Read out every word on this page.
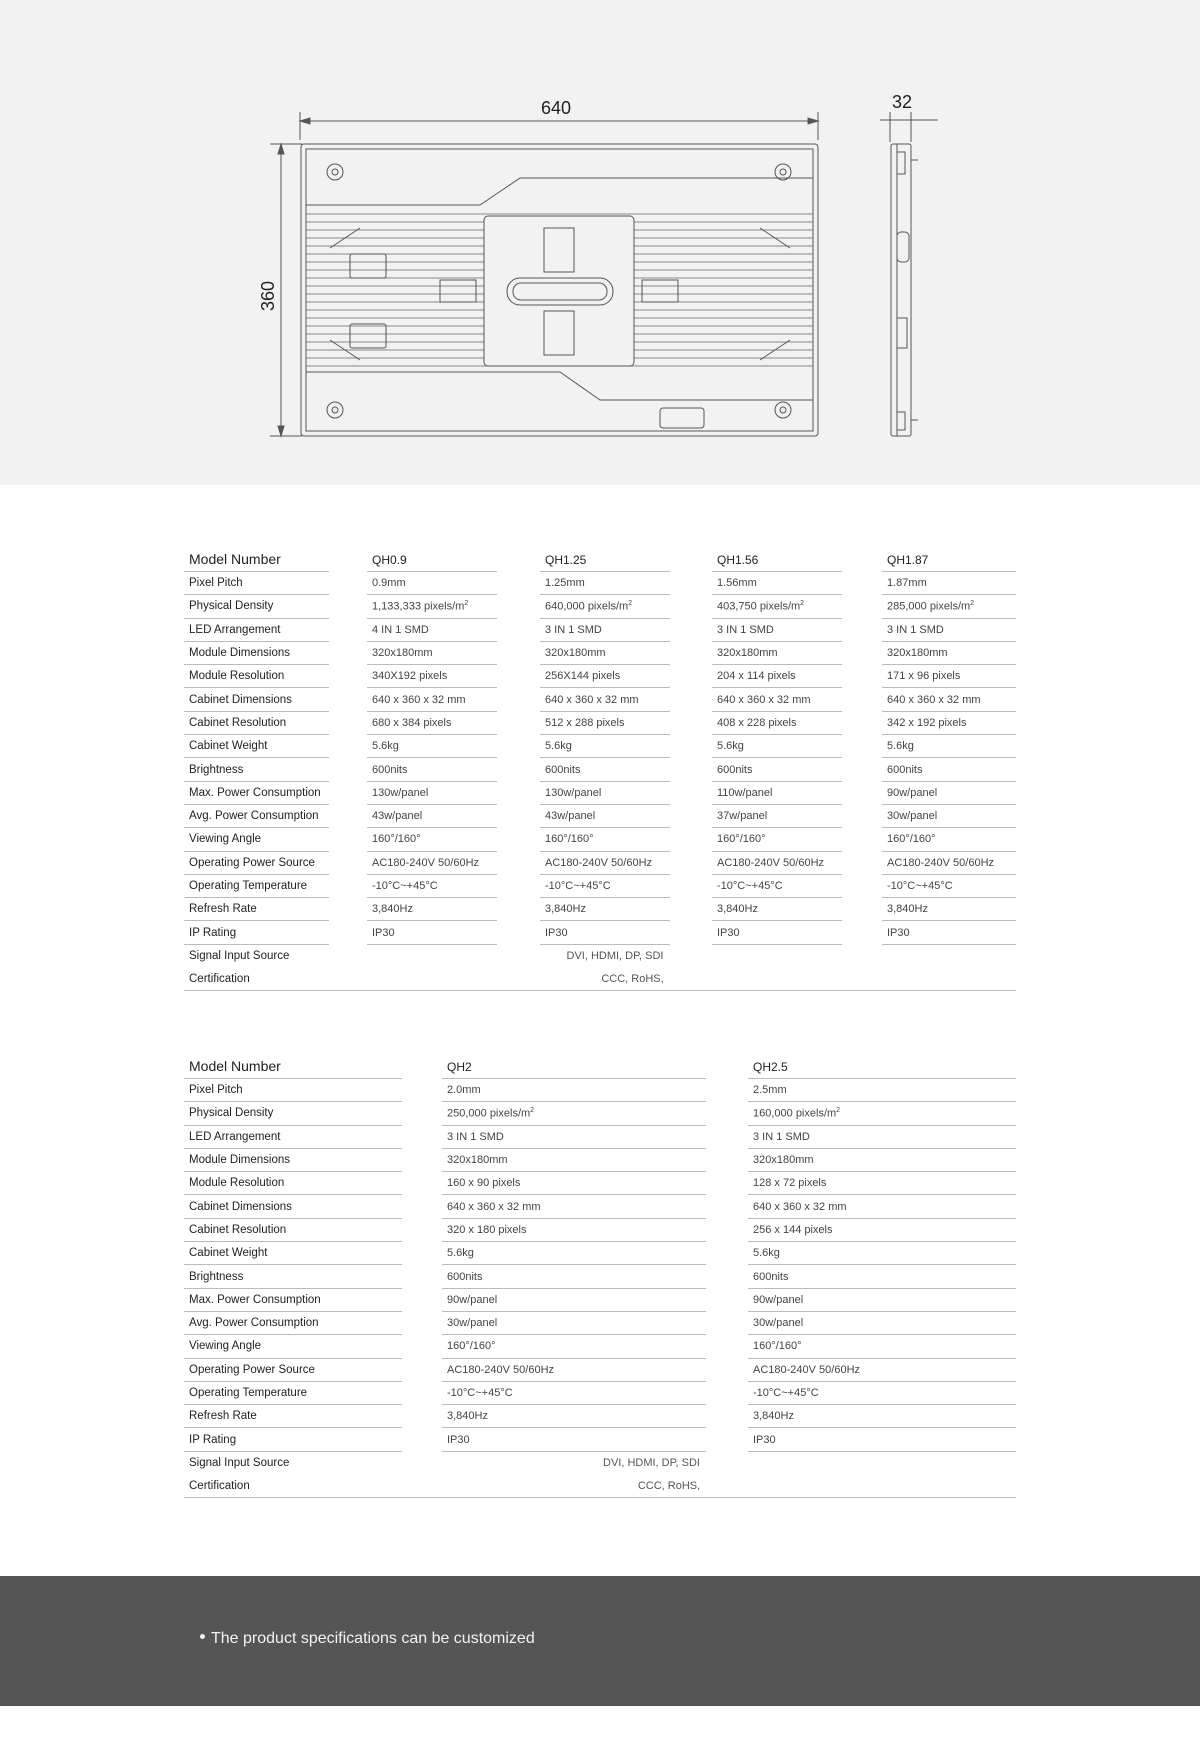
640
360
32
Model Number		QH0.9		QH1.25		QH1.56		QH1.87
Pixel Pitch		0.9mm		1.25mm		1.56mm		1.87mm
Physical Density		1,133,333 pixels/$m^2$		640,000 pixels/$m^2$		403,750 pixels/$m^2$		285,000 pixels/$m^2$
LED Arrangement		4 IN 1 SMD		3 IN 1 SMD		3 IN 1 SMD		3 IN 1 SMD
Module Dimensions		320x180mm		320x180mm		320x180mm		320x180mm
Module Resolution		340X192 pixels		256X144 pixels		204 x 114 pixels		171 x 96 pixels
Cabinet Dimensions		640 x 360 x 32 mm		640 x 360 x 32 mm		640 x 360 x 32 mm		640 x 360 x 32 mm
Cabinet Resolution		680 x 384 pixels		512 x 288 pixels		408 x 228 pixels		342 x 192 pixels
Cabinet Weight		5.6kg		5.6kg		5.6kg		5.6kg
Brightness		600nits		600nits		600nits		600nits
Max. Power Consumption		130w/panel		130w/panel		110w/panel		90w/panel
Avg. Power Consumption		43w/panel		43w/panel		37w/panel		30w/panel
Viewing Angle		160°/160°		160°/160°		160°/160°		160°/160°
Operating Power Source		AC180-240V 50/60Hz		AC180-240V 50/60Hz		AC180-240V 50/60Hz		AC180-240V 50/60Hz
Operating Temperature		-10°C~+45°C		-10°C~+45°C		-10°C~+45°C		-10°C~+45°C
Refresh Rate		3,840Hz		3,840Hz		3,840Hz		3,840Hz
IP Rating		IP30		IP30		IP30		IP30
Signal Input Source	DVI, HDMI, DP, SDI							
Certification	CCC, RoHS,							
Model Number		QH2		QH2.5
Pixel Pitch		2.0mm		2.5mm
Physical Density		250,000 pixels/$m^2$		160,000 pixels/$m^2$
LED Arrangement		3 IN 1 SMD		3 IN 1 SMD
Module Dimensions		320x180mm		320x180mm
Module Resolution		160 x 90 pixels		128 x 72 pixels
Cabinet Dimensions		640 x 360 x 32 mm		640 x 360 x 32 mm
Cabinet Resolution		320 x 180 pixels		256 x 144 pixels
Cabinet Weight		5.6kg		5.6kg
Brightness		600nits		600nits
Max. Power Consumption		90w/panel		90w/panel
Avg. Power Consumption		30w/panel		30w/panel
Viewing Angle		160°/160°		160°/160°
Operating Power Source		AC180-240V 50/60Hz		AC180-240V 50/60Hz
Operating Temperature		-10°C~+45°C		-10°C~+45°C
Refresh Rate		3,840Hz		3,840Hz
IP Rating		IP30		IP30
Signal Input Source	DVI, HDMI, DP, SDI			
Certification	CCC, RoHS,			
The product specifications can be customized
